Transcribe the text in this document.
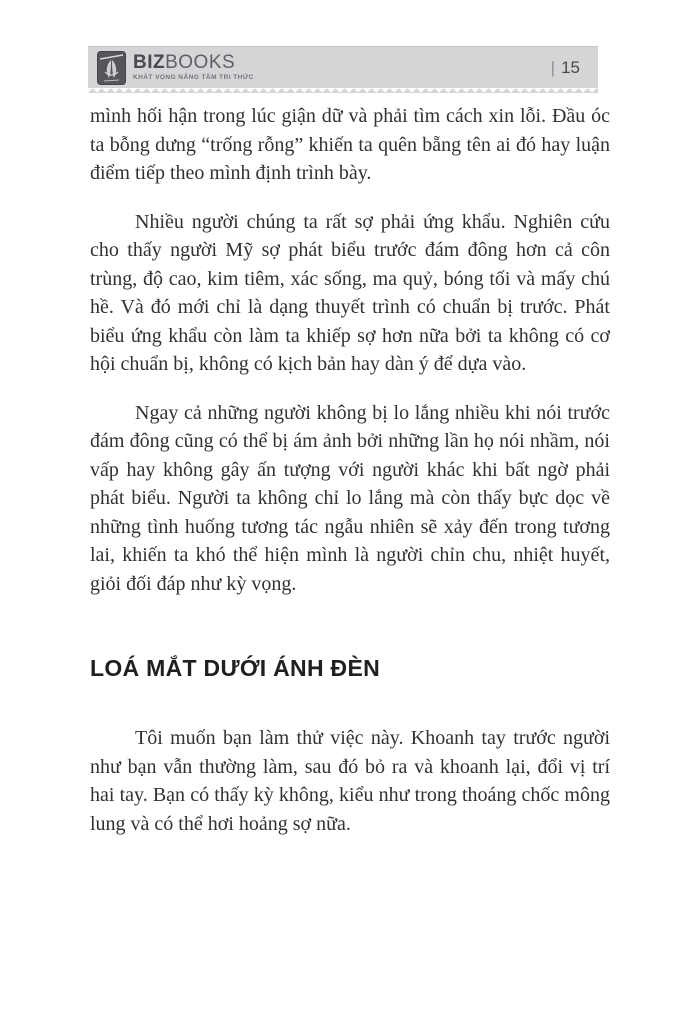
BIZ BOOKS
KHÁT VỌNG NÂNG TẦM TRI THỨC
| 15

mình hối hận trong lúc giận dữ và phải tìm cách xin lỗi. Đầu óc ta bỗng dưng “trống rỗng” khiến ta quên bẵng tên ai đó hay luận điểm tiếp theo mình định trình bày.

Nhiều người chúng ta rất sợ phải ứng khẩu. Nghiên cứu cho thấy người Mỹ sợ phát biểu trước đám đông hơn cả côn trùng, độ cao, kim tiêm, xác sống, ma quỷ, bóng tối và mấy chú hề. Và đó mới chỉ là dạng thuyết trình có chuẩn bị trước. Phát biểu ứng khẩu còn làm ta khiếp sợ hơn nữa bởi ta không có cơ hội chuẩn bị, không có kịch bản hay dàn ý để dựa vào.

Ngay cả những người không bị lo lắng nhiều khi nói trước đám đông cũng có thể bị ám ảnh bởi những lần họ nói nhầm, nói vấp hay không gây ấn tượng với người khác khi bất ngờ phải phát biểu. Người ta không chỉ lo lắng mà còn thấy bực dọc về những tình huống tương tác ngẫu nhiên sẽ xảy đến trong tương lai, khiến ta khó thể hiện mình là người chỉn chu, nhiệt huyết, giỏi đối đáp như kỳ vọng.

LOÁ MẮT DƯỚI ÁNH ĐÈN

Tôi muốn bạn làm thử việc này. Khoanh tay trước người như bạn vẫn thường làm, sau đó bỏ ra và khoanh lại, đổi vị trí hai tay. Bạn có thấy kỳ không, kiểu như trong thoáng chốc mông lung và có thể hơi hoảng sợ nữa.
